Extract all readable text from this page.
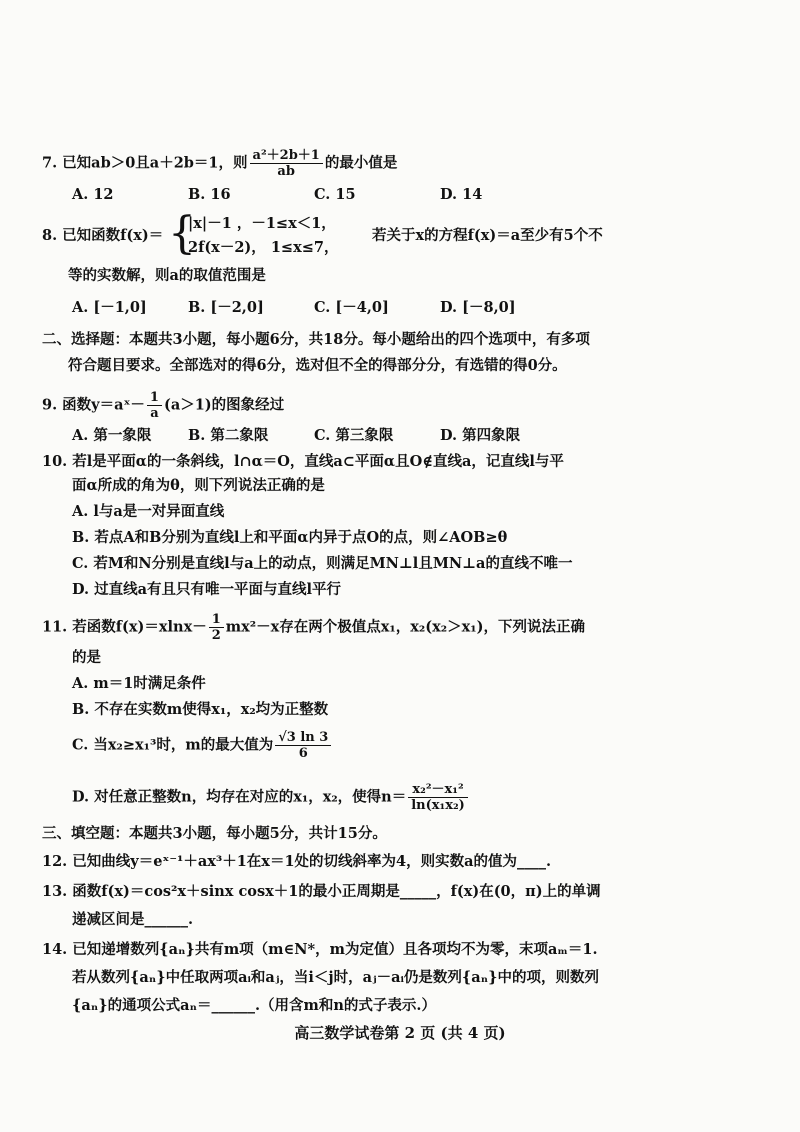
7. 已知ab＞0且a＋2b＝1，则 $\frac{\text{a²＋2b＋1}}{ab}$ 的最小值是
A. 12	B. 16	C. 15	D. 14
8. 已知函数f(x)＝ {
|x|－1 ，－1≤x＜1，
2f(x－2)， 1≤x≤7，
若关于x的方程f(x)＝a至少有5个不
等的实数解，则a的取值范围是
A. [－1,0]	B. [－2,0]	C. [－4,0]	D. [－8,0]
二、选择题：本题共3小题，每小题6分，共18分。每小题给出的四个选项中，有多项
符合题目要求。全部选对的得6分，选对但不全的得部分分，有选错的得0分。
9. 函数y＝aˣ－ $\frac{1}{a} (a>1)$的图象经过
A. 第一象限	B. 第二象限	C. 第三象限	D. 第四象限
10. 若l是平面α的一条斜线，l∩α＝O，直线a⊂平面α且O∉直线a，记直线l与平
面α所成的角为θ，则下列说法正确的是
A. l与a是一对异面直线
B. 若点A和B分别为直线l上和平面α内异于点O的点，则∠AOB≥θ
C. 若M和N分别是直线l与a上的动点，则满足MN⊥l且MN⊥a的直线不唯一
D. 过直线a有且只有唯一平面与直线l平行
11. 若函数$f(x)=xlnx- \frac{1}{2} mx^2-x$存在两个极值点x₁，x₂(x₂＞x₁)，下列说法正确
的是
A. m＝1时满足条件
B. 不存在实数m使得x₁，x₂均为正整数
C. 当x₂≥x₁³时，m的最大值为 $\frac{√3 \ln 3}{6}$
D. 对任意正整数n，均存在对应的x₁，x₂，使得$n= \frac{\text{x₂²－x₁²}}{\text{ln(x₁x₂)}}$
三、填空题：本题共3小题，每小题5分，共计15分。
12. 已知曲线y＝eˣ⁻¹＋ax³＋1在x＝1处的切线斜率为4，则实数a的值为____.
13. 函数f(x)＝cos²x＋sinx cosx＋1的最小正周期是_____，f(x)在(0，π)上的单调
递减区间是______.
14. 已知递增数列{aₙ}共有m项（m∈N*，m为定值）且各项均不为零，末项aₘ＝1.
若从数列{aₙ}中任取两项aᵢ和aⱼ，当i＜j时，aⱼ－aᵢ仍是数列{aₙ}中的项，则数列
{aₙ}的通项公式aₙ＝______.（用含m和n的式子表示.）
高三数学试卷第 2 页 (共 4 页)
